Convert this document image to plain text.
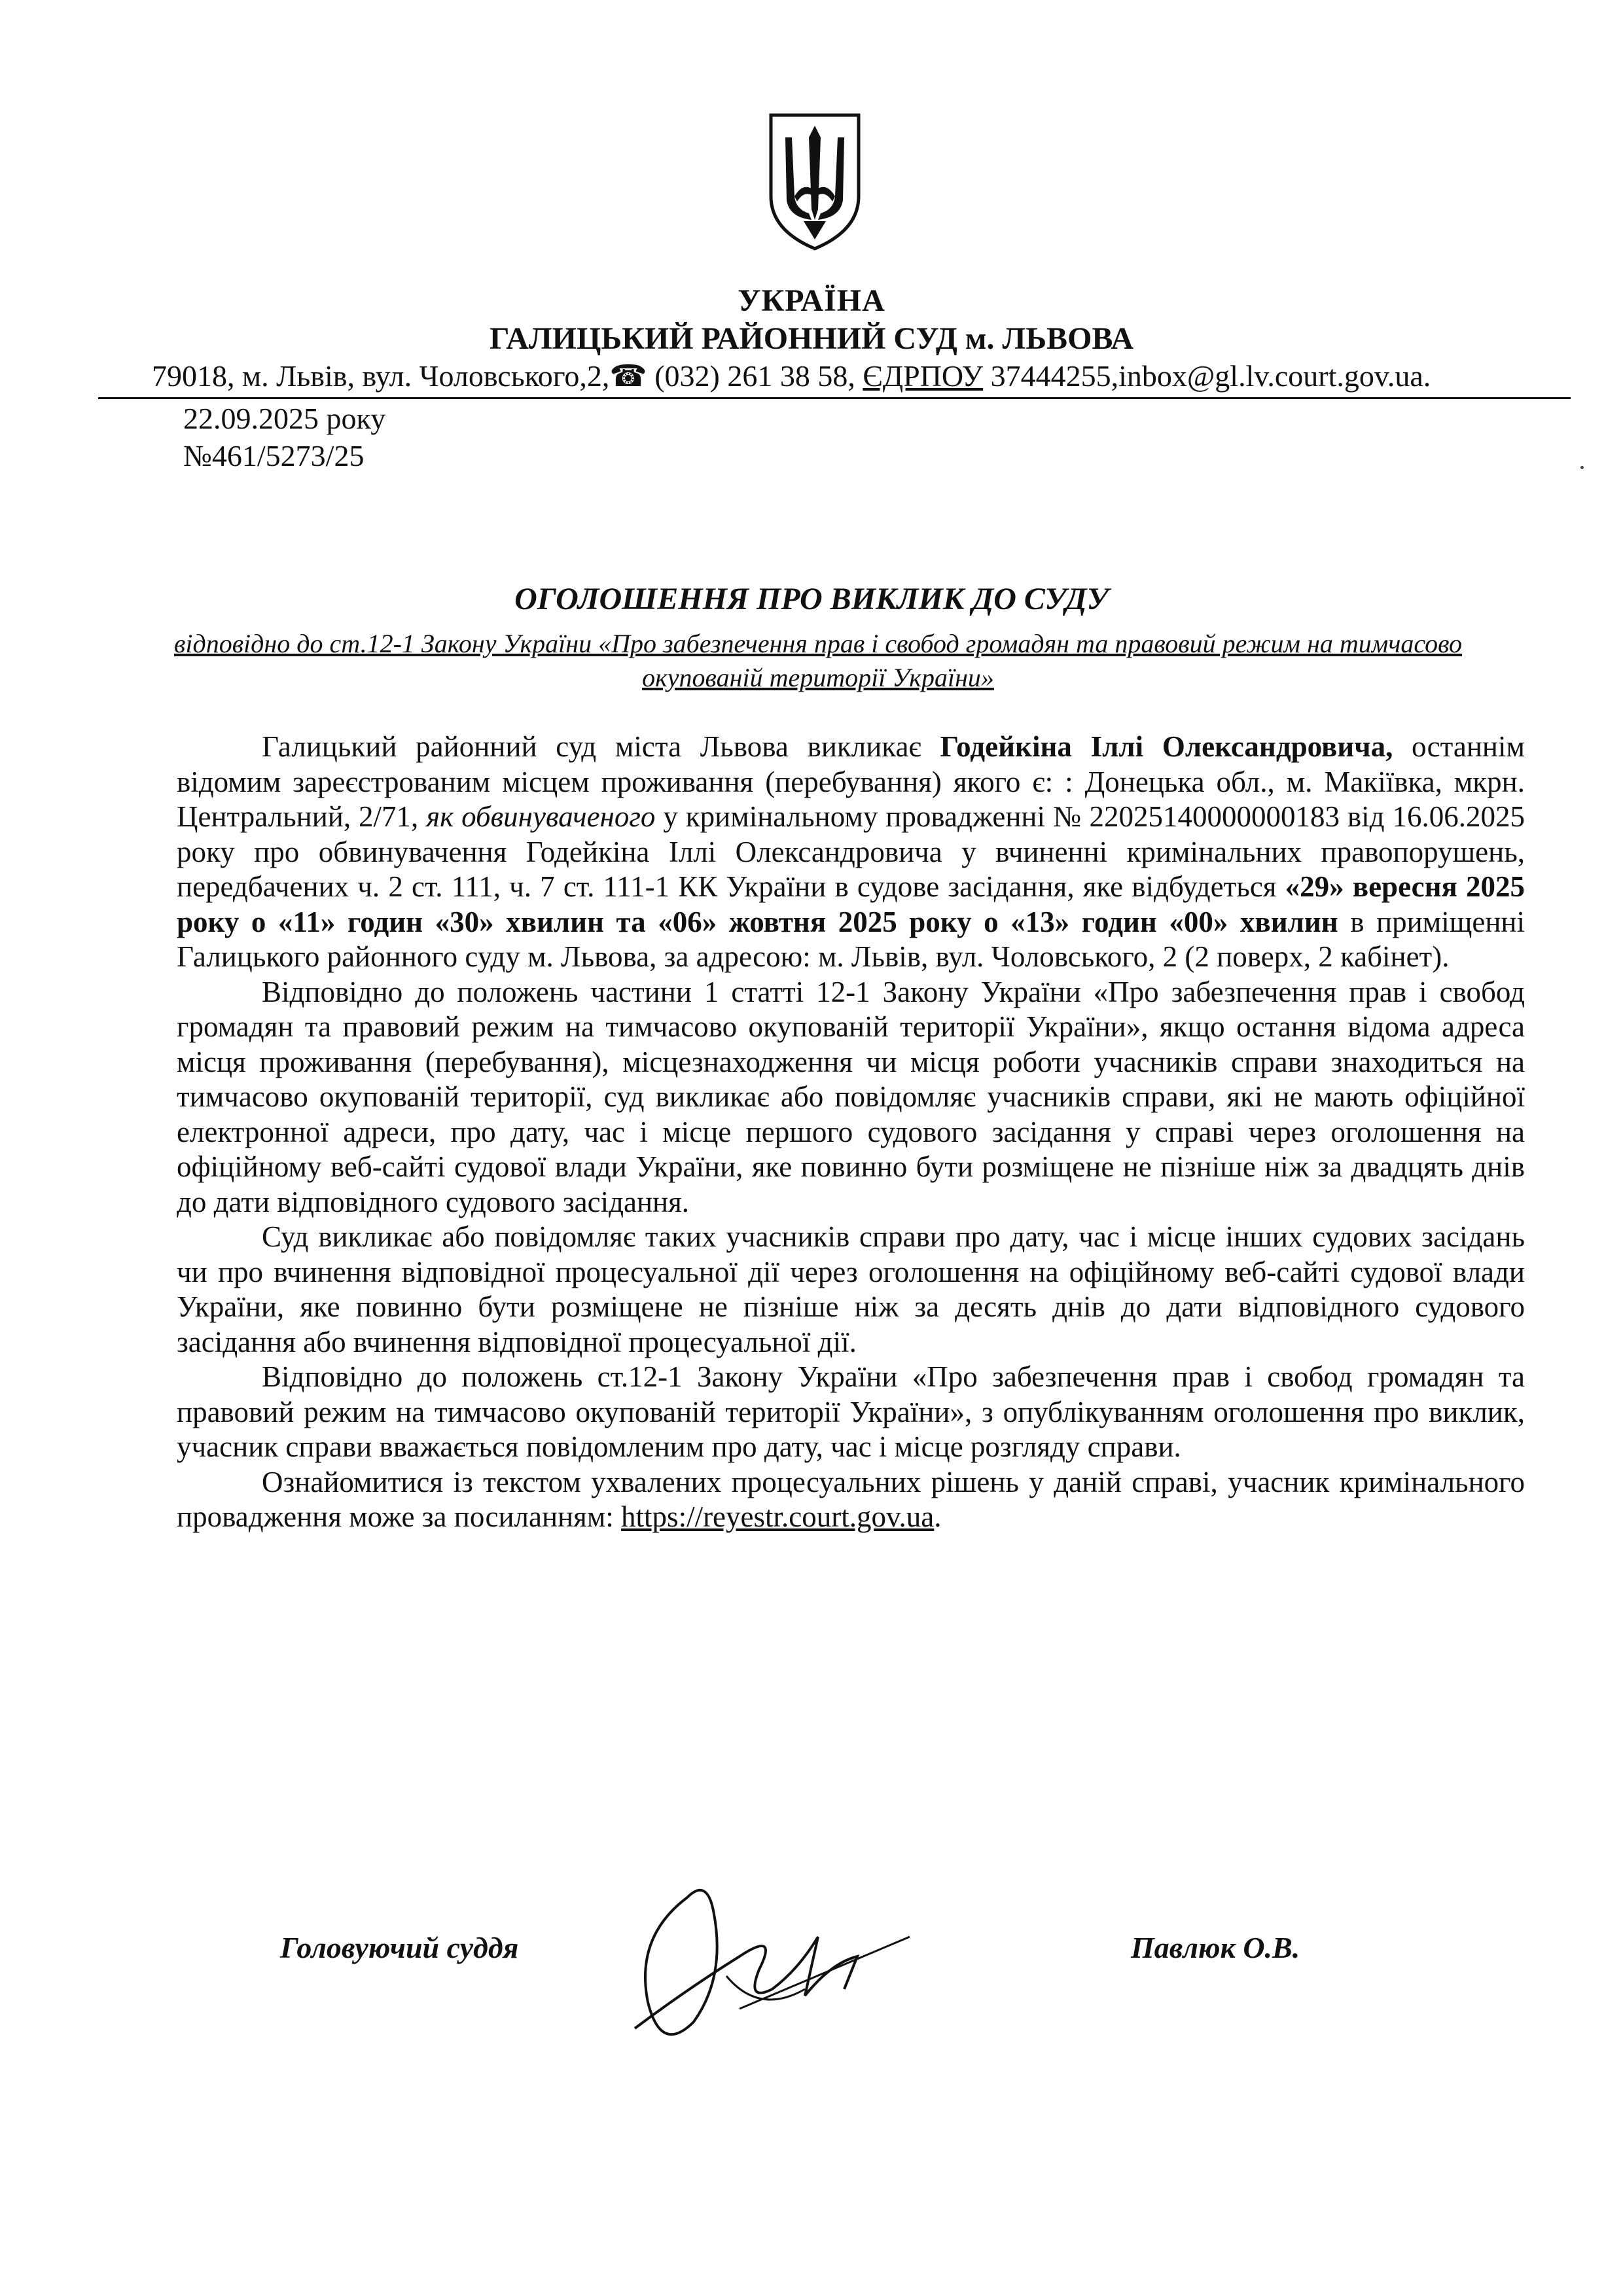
УКРАЇНА
ГАЛИЦЬКИЙ РАЙОННИЙ СУД м. ЛЬВОВА
79018, м. Львів, вул. Чоловського,2,☎ (032) 261 38 58, ЄДРПОУ 37444255,inbox@gl.lv.court.gov.ua.
22.09.2025 року
№461/5273/25
ОГОЛОШЕННЯ ПРО ВИКЛИК ДО СУДУ
відповідно до ст.12-1 Закону України «Про забезпечення прав і свобод громадян та правовий режим на тимчасово окупованій території України»

Галицький районний суд міста Львова викликає Годейкіна Іллі Олександровича, останнім відомим зареєстрованим місцем проживання (перебування) якого є: : Донецька обл., м. Макіївка, мкрн. Центральний, 2/71, як обвинуваченого у кримінальному провадженні № 22025140000000183 від 16.06.2025 року про обвинувачення Годейкіна Іллі Олександровича у вчиненні кримінальних правопорушень, передбачених ч. 2 ст. 111, ч. 7 ст. 111-1 КК України в судове засідання, яке відбудеться «29» вересня 2025 року о «11» годин «30» хвилин та «06» жовтня 2025 року о «13» годин «00» хвилин в приміщенні Галицького районного суду м. Львова, за адресою: м. Львів, вул. Чоловського, 2 (2 поверх, 2 кабінет).

Відповідно до положень частини 1 статті 12-1 Закону України «Про забезпечення прав і свобод громадян та правовий режим на тимчасово окупованій території України», якщо остання відома адреса місця проживання (перебування), місцезнаходження чи місця роботи учасників справи знаходиться на тимчасово окупованій території, суд викликає або повідомляє учасників справи, які не мають офіційної електронної адреси, про дату, час і місце першого судового засідання у справі через оголошення на офіційному веб-сайті судової влади України, яке повинно бути розміщене не пізніше ніж за двадцять днів до дати відповідного судового засідання.

Суд викликає або повідомляє таких учасників справи про дату, час і місце інших судових засідань чи про вчинення відповідної процесуальної дії через оголошення на офіційному веб-сайті судової влади України, яке повинно бути розміщене не пізніше ніж за десять днів до дати відповідного судового засідання або вчинення відповідної процесуальної дії.

Відповідно до положень ст.12-1 Закону України «Про забезпечення прав і свобод громадян та правовий режим на тимчасово окупованій території України», з опублікуванням оголошення про виклик, учасник справи вважається повідомленим про дату, час і місце розгляду справи.

Ознайомитися із текстом ухвалених процесуальних рішень у даній справі, учасник кримінального провадження може за посиланням: https://reyestr.court.gov.ua.

Головуючий суддя	Павлюк О.В.
